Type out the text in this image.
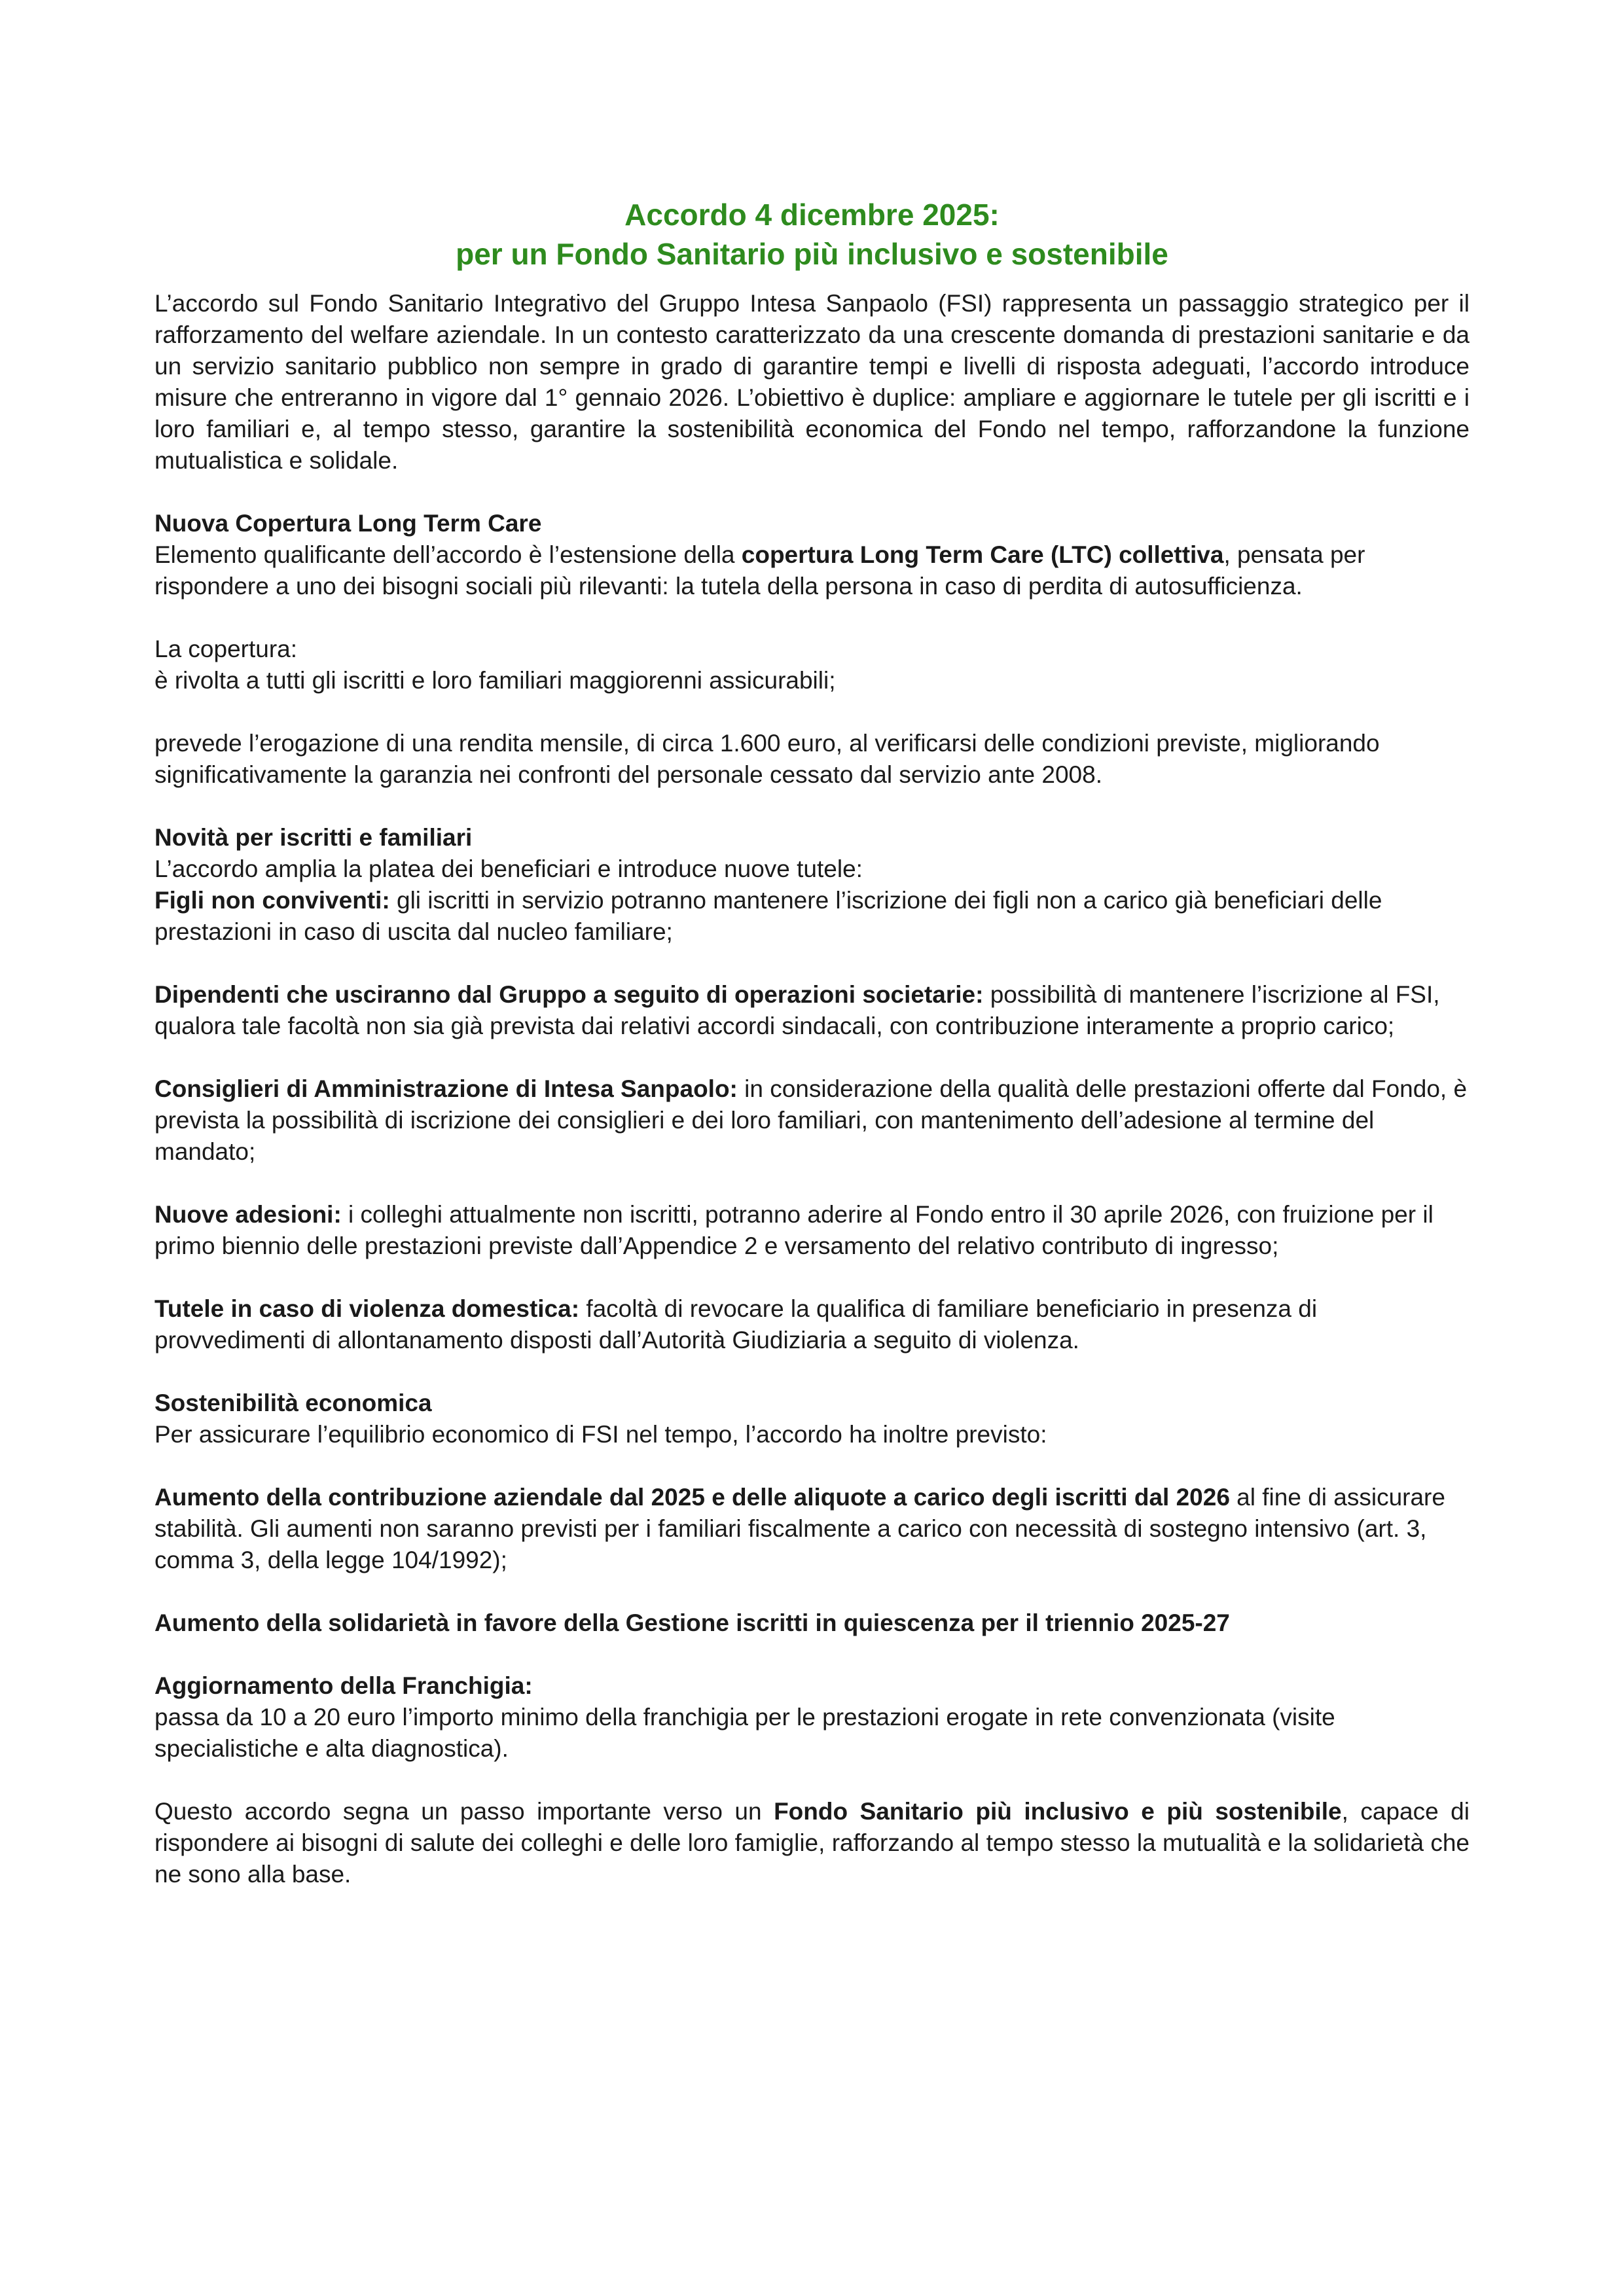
Accordo 4 dicembre 2025:
per un Fondo Sanitario più inclusivo e sostenibile

L’accordo sul Fondo Sanitario Integrativo del Gruppo Intesa Sanpaolo (FSI) rappresenta un passaggio strategico per il rafforzamento del welfare aziendale. In un contesto caratterizzato da una crescente domanda di prestazioni sanitarie e da un servizio sanitario pubblico non sempre in grado di garantire tempi e livelli di risposta adeguati, l’accordo introduce misure che entreranno in vigore dal 1° gennaio 2026. L’obiettivo è duplice: ampliare e aggiornare le tutele per gli iscritti e i loro familiari e, al tempo stesso, garantire la sostenibilità economica del Fondo nel tempo, rafforzandone la funzione mutualistica e solidale.

Nuova Copertura Long Term Care
Elemento qualificante dell’accordo è l’estensione della copertura Long Term Care (LTC) collettiva, pensata per rispondere a uno dei bisogni sociali più rilevanti: la tutela della persona in caso di perdita di autosufficienza.

La copertura:
è rivolta a tutti gli iscritti e loro familiari maggiorenni assicurabili;

prevede l’erogazione di una rendita mensile, di circa 1.600 euro, al verificarsi delle condizioni previste, migliorando significativamente la garanzia nei confronti del personale cessato dal servizio ante 2008.

Novità per iscritti e familiari
L’accordo amplia la platea dei beneficiari e introduce nuove tutele:
Figli non conviventi: gli iscritti in servizio potranno mantenere l’iscrizione dei figli non a carico già beneficiari delle prestazioni in caso di uscita dal nucleo familiare;

Dipendenti che usciranno dal Gruppo a seguito di operazioni societarie: possibilità di mantenere l’iscrizione al FSI, qualora tale facoltà non sia già prevista dai relativi accordi sindacali, con contribuzione interamente a proprio carico;

Consiglieri di Amministrazione di Intesa Sanpaolo: in considerazione della qualità delle prestazioni offerte dal Fondo, è prevista la possibilità di iscrizione dei consiglieri e dei loro familiari, con mantenimento dell’adesione al termine del mandato;

Nuove adesioni: i colleghi attualmente non iscritti, potranno aderire al Fondo entro il 30 aprile 2026, con fruizione per il primo biennio delle prestazioni previste dall’Appendice 2 e versamento del relativo contributo di ingresso;

Tutele in caso di violenza domestica: facoltà di revocare la qualifica di familiare beneficiario in presenza di provvedimenti di allontanamento disposti dall’Autorità Giudiziaria a seguito di violenza.

Sostenibilità economica
Per assicurare l’equilibrio economico di FSI nel tempo, l’accordo ha inoltre previsto:

Aumento della contribuzione aziendale dal 2025 e delle aliquote a carico degli iscritti dal 2026 al fine di assicurare stabilità. Gli aumenti non saranno previsti per i familiari fiscalmente a carico con necessità di sostegno intensivo (art. 3, comma 3, della legge 104/1992);

Aumento della solidarietà in favore della Gestione iscritti in quiescenza per il triennio 2025-27

Aggiornamento della Franchigia:
passa da 10 a 20 euro l’importo minimo della franchigia per le prestazioni erogate in rete convenzionata (visite specialistiche e alta diagnostica).

Questo accordo segna un passo importante verso un Fondo Sanitario più inclusivo e più sostenibile, capace di rispondere ai bisogni di salute dei colleghi e delle loro famiglie, rafforzando al tempo stesso la mutualità e la solidarietà che ne sono alla base.
